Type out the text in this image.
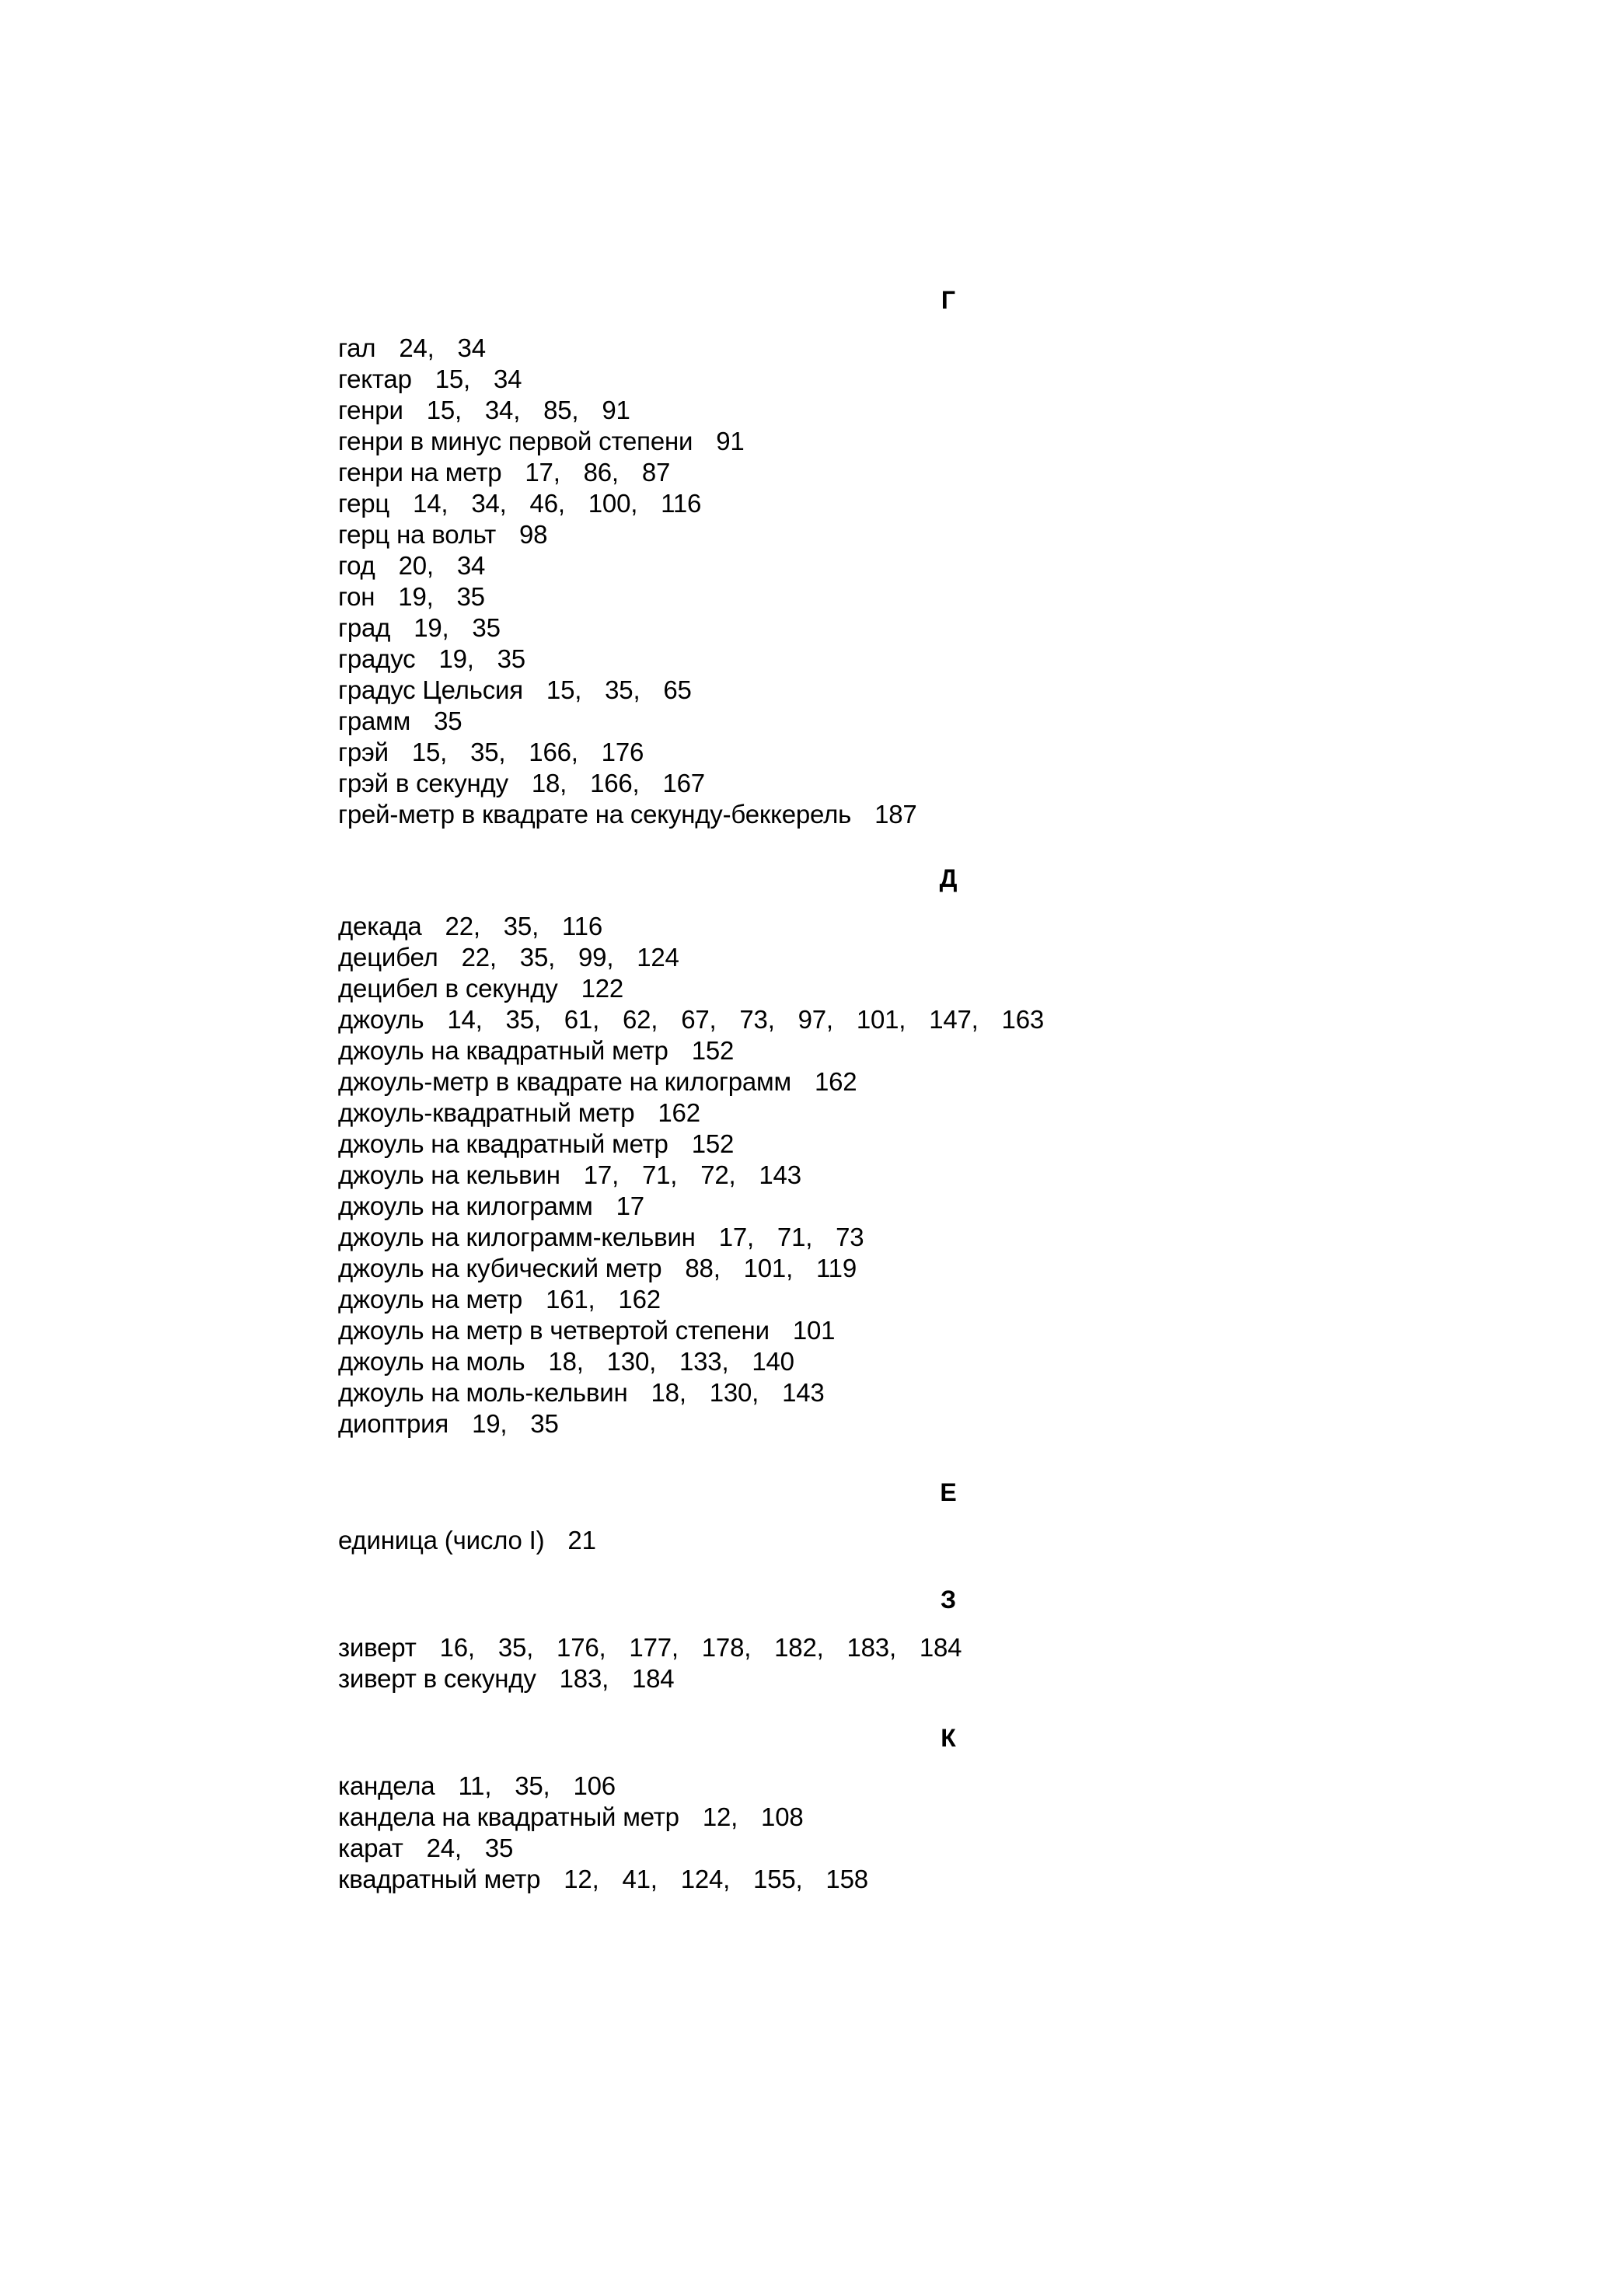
Г
гал 24,  34
гектар 15,  34
генри 15,  34,  85,  91
генри в минус первой степени 91
генри на метр 17,  86,  87
герц 14,  34,  46,  100,  116
герц на вольт 98
год 20,  34
гон 19,  35
град 19,  35
градус 19,  35
градус Цельсия 15,  35,  65
грамм 35
грэй 15,  35,  166,  176
грэй в секунду 18,  166,  167
грей-метр в квадрате на секунду-беккерель 187
Д
декада 22,  35,  116
децибел 22,  35,  99,  124
децибел в секунду 122
джоуль 14,  35,  61,  62,  67,  73,  97,  101,  147,  163
джоуль на квадратный метр 152
джоуль-метр в квадрате на килограмм 162
джоуль-квадратный метр 162
джоуль на квадратный метр 152
джоуль на кельвин 17,  71,  72,  143
джоуль на килограмм 17
джоуль на килограмм-кельвин 17,  71,  73
джоуль на кубический метр 88,  101,  119
джоуль на метр 161,  162
джоуль на метр в четвертой степени 101
джоуль на моль 18,  130,  133,  140
джоуль на моль-кельвин 18,  130,  143
диоптрия 19,  35
Е
единица (число I) 21
З
зиверт 16,  35,  176,  177,  178,  182,  183,  184
зиверт в секунду 183,  184
К
кандела 11,  35,  106
кандела на квадратный метр 12,  108
карат 24,  35
квадратный метр 12,  41,  124,  155,  158
